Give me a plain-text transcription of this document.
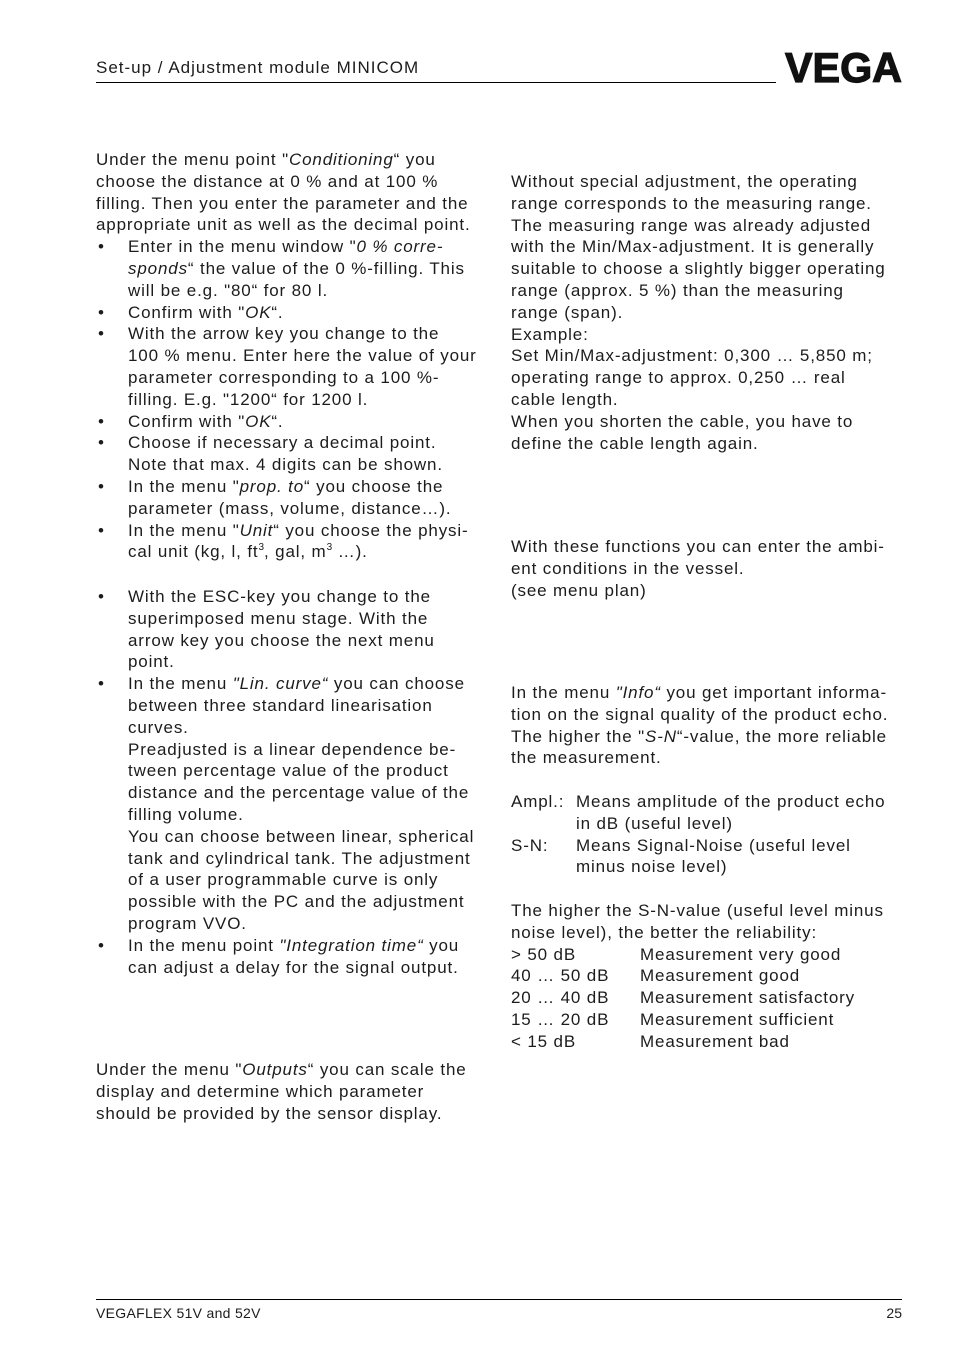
Set-up / Adjustment module MINICOM	VEGA
Under the menu point "Conditioning“ you
choose the distance at 0 % and at 100 %
filling. Then you enter the parameter and the
appropriate unit as well as the decimal point.
• Enter in the menu window "0 % corre-
sponds“ the value of the 0 %-filling. This
will be e.g. "80“ for 80 l.
• Confirm with "OK“.
• With the arrow key you change to the
100 % menu. Enter here the value of your
parameter corresponding to a 100 %-
filling. E.g. "1200“ for 1200 l.
• Confirm with "OK“.
• Choose if necessary a decimal point.
Note that max. 4 digits can be shown.
• In the menu "prop. to“ you choose the
parameter (mass, volume, distance…).
• In the menu "Unit“ you choose the physi-
cal unit (kg, l, $ft^3$, gal, $m^3$ …).
• With the ESC-key you change to the
superimposed menu stage. With the
arrow key you choose the next menu
point.
• In the menu "Lin. curve“ you can choose
between three standard linearisation
curves.
Preadjusted is a linear dependence be-
tween percentage value of the product
distance and the percentage value of the
filling volume.
You can choose between linear, spherical
tank and cylindrical tank. The adjustment
of a user programmable curve is only
possible with the PC and the adjustment
program VVO.
• In the menu point "Integration time“ you
can adjust a delay for the signal output.
Under the menu "Outputs“ you can scale the
display and determine which parameter
should be provided by the sensor display.
Without special adjustment, the operating
range corresponds to the measuring range.
The measuring range was already adjusted
with the Min/Max-adjustment. It is generally
suitable to choose a slightly bigger operating
range (approx. 5 %) than the measuring
range (span).
Example:
Set Min/Max-adjustment: 0,300 … 5,850 m;
operating range to approx. 0,250 … real
cable length.
When you shorten the cable, you have to
define the cable length again.
With these functions you can enter the ambi-
ent conditions in the vessel.
(see menu plan)
In the menu "Info“ you get important informa-
tion on the signal quality of the product echo.
The higher the "S-N“-value, the more reliable
the measurement.
Ampl.: Means amplitude of the product echo
in dB (useful level)
S-N: Means Signal-Noise (useful level
minus noise level)
The higher the S-N-value (useful level minus
noise level), the better the reliability:
> 50 dB	Measurement very good
40 … 50 dB Measurement good
20 … 40 dB Measurement satisfactory
15 … 20 dB Measurement sufficient
< 15 dB	Measurement bad
VEGAFLEX 51V and 52V	25
